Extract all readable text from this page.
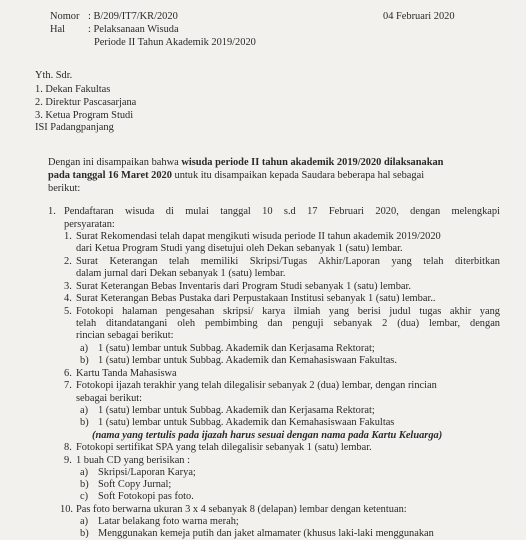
Nomor : B/209/IT7/KR/2020	04 Februari 2020
Hal : Pelaksanaan Wisuda
Periode II Tahun Akademik 2019/2020
Yth. Sdr.
1. Dekan Fakultas
2. Direktur Pascasarjana
3. Ketua Program Studi
ISI Padangpanjang
Dengan ini disampaikan bahwa wisuda periode II tahun akademik 2019/2020 dilaksanakan
pada tanggal 16 Maret 2020 untuk itu disampaikan kepada Saudara beberapa hal sebagai
berikut:
1. Pendaftaran wisuda di mulai tanggal 10 s.d 17 Februari 2020, dengan melengkapi
persyaratan:
1. Surat Rekomendasi telah dapat mengikuti wisuda periode II tahun akademik 2019/2020
dari Ketua Program Studi yang disetujui oleh Dekan sebanyak 1 (satu) lembar.
2. Surat Keterangan telah memiliki Skripsi/Tugas Akhir/Laporan yang telah diterbitkan
dalam jurnal dari Dekan sebanyak 1 (satu) lembar.
3. Surat Keterangan Bebas Inventaris dari Program Studi sebanyak 1 (satu) lembar.
4. Surat Keterangan Bebas Pustaka dari Perpustakaan Institusi sebanyak 1 (satu) lembar..
5. Fotokopi halaman pengesahan skripsi/ karya ilmiah yang berisi judul tugas akhir yang
telah ditandatangani oleh pembimbing dan penguji sebanyak 2 (dua) lembar, dengan
rincian sebagai berikut:
a) 1 (satu) lembar untuk Subbag. Akademik dan Kerjasama Rektorat;
b) 1 (satu) lembar untuk Subbag. Akademik dan Kemahasiswaan Fakultas.
6. Kartu Tanda Mahasiswa
7. Fotokopi ijazah terakhir yang telah dilegalisir sebanyak 2 (dua) lembar, dengan rincian
sebagai berikut:
a) 1 (satu) lembar untuk Subbag. Akademik dan Kerjasama Rektorat;
b) 1 (satu) lembar untuk Subbag. Akademik dan Kemahasiswaan Fakultas
(nama yang tertulis pada ijazah harus sesuai dengan nama pada Kartu Keluarga)
8. Fotokopi sertifikat SPA yang telah dilegalisir sebanyak 1 (satu) lembar.
9. 1 buah CD yang berisikan :
a) Skripsi/Laporan Karya;
b) Soft Copy Jurnal;
c) Soft Fotokopi pas foto.
10. Pas foto berwarna ukuran 3 x 4 sebanyak 8 (delapan) lembar dengan ketentuan:
a) Latar belakang foto warna merah;
b) Menggunakan kemeja putih dan jaket almamater (khusus laki-laki menggunakan
